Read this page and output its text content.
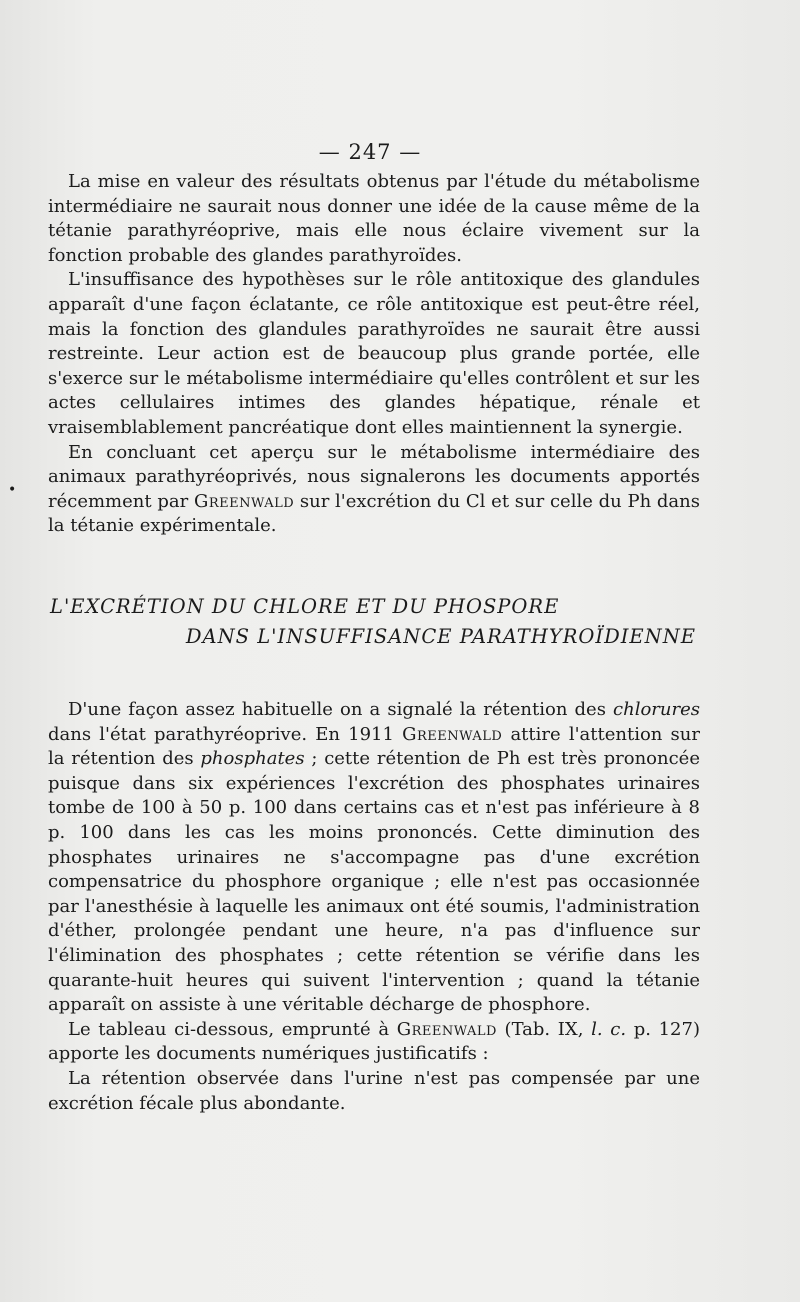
— 247 —

La mise en valeur des résultats obtenus par l'étude du métabolisme intermédiaire ne saurait nous donner une idée de la cause même de la tétanie parathyréoprive, mais elle nous éclaire vivement sur la fonction probable des glandes parathyroïdes.

L'insuffisance des hypothèses sur le rôle antitoxique des glandules apparaît d'une façon éclatante, ce rôle antitoxique est peut-être réel, mais la fonction des glandules parathyroïdes ne saurait être aussi restreinte. Leur action est de beaucoup plus grande portée, elle s'exerce sur le métabolisme intermédiaire qu'elles contrôlent et sur les actes cellulaires intimes des glandes hépatique, rénale et vraisemblablement pancréatique dont elles maintiennent la synergie.

En concluant cet aperçu sur le métabolisme intermédiaire des animaux parathyréoprivés, nous signalerons les documents apportés récemment par Greenwald sur l'excrétion du Cl et sur celle du Ph dans la tétanie expérimentale.

•
L'EXCRÉTION DU CHLORE ET DU PHOSPORE
DANS L'INSUFFISANCE PARATHYROÏDIENNE

D'une façon assez habituelle on a signalé la rétention des chlorures dans l'état parathyréoprive. En 1911 Greenwald attire l'attention sur la rétention des phosphates ; cette rétention de Ph est très prononcée puisque dans six expériences l'excrétion des phosphates urinaires tombe de 100 à 50 p. 100 dans certains cas et n'est pas inférieure à 8 p. 100 dans les cas les moins prononcés. Cette diminution des phosphates urinaires ne s'accompagne pas d'une excrétion compensatrice du phosphore organique ; elle n'est pas occasionnée par l'anesthésie à laquelle les animaux ont été soumis, l'administration d'éther, prolongée pendant une heure, n'a pas d'influence sur l'élimination des phosphates ; cette rétention se vérifie dans les quarante-huit heures qui suivent l'intervention ; quand la tétanie apparaît on assiste à une véritable décharge de phosphore.

Le tableau ci-dessous, emprunté à Greenwald (Tab. IX, l. c. p. 127) apporte les documents numériques justificatifs :

La rétention observée dans l'urine n'est pas compensée par une excrétion fécale plus abondante.
